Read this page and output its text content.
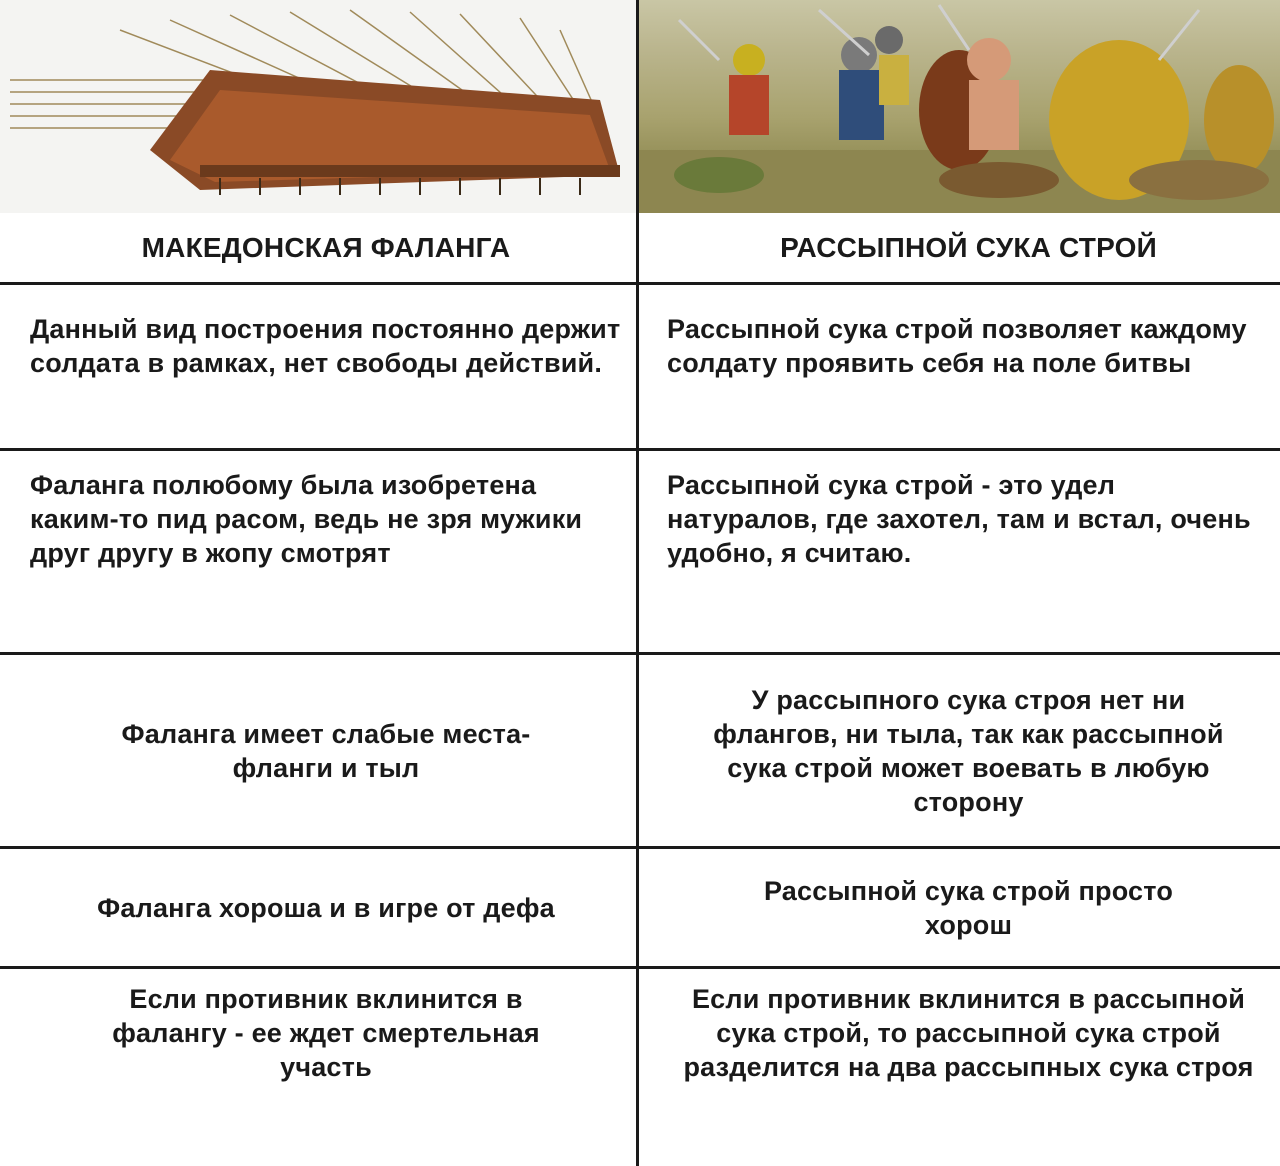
МАКЕДОНСКАЯ ФАЛАНГА	РАССЫПНОЙ СУКА СТРОЙ
Данный вид построения постоянно держит солдата в рамках, нет свободы действий.
Рассыпной сука строй позволяет каждому солдату проявить себя на поле битвы
Фаланга полюбому была изобретена каким-то пид расом, ведь не зря мужики друг другу в жопу смотрят
Рассыпной сука строй - это удел натуралов, где захотел, там и встал, очень удобно, я считаю.
Фаланга имеет слабые места- фланги и тыл
У рассыпного сука строя нет ни флангов, ни тыла, так как рассыпной сука строй может воевать в любую сторону
Фаланга хороша и в игре от дефа
Рассыпной сука строй просто хорош
Если противник вклинится в фалангу - ее ждет смертельная участь
Если противник вклинится в рассыпной сука строй, то рассыпной сука строй разделится на два рассыпных сука строя
